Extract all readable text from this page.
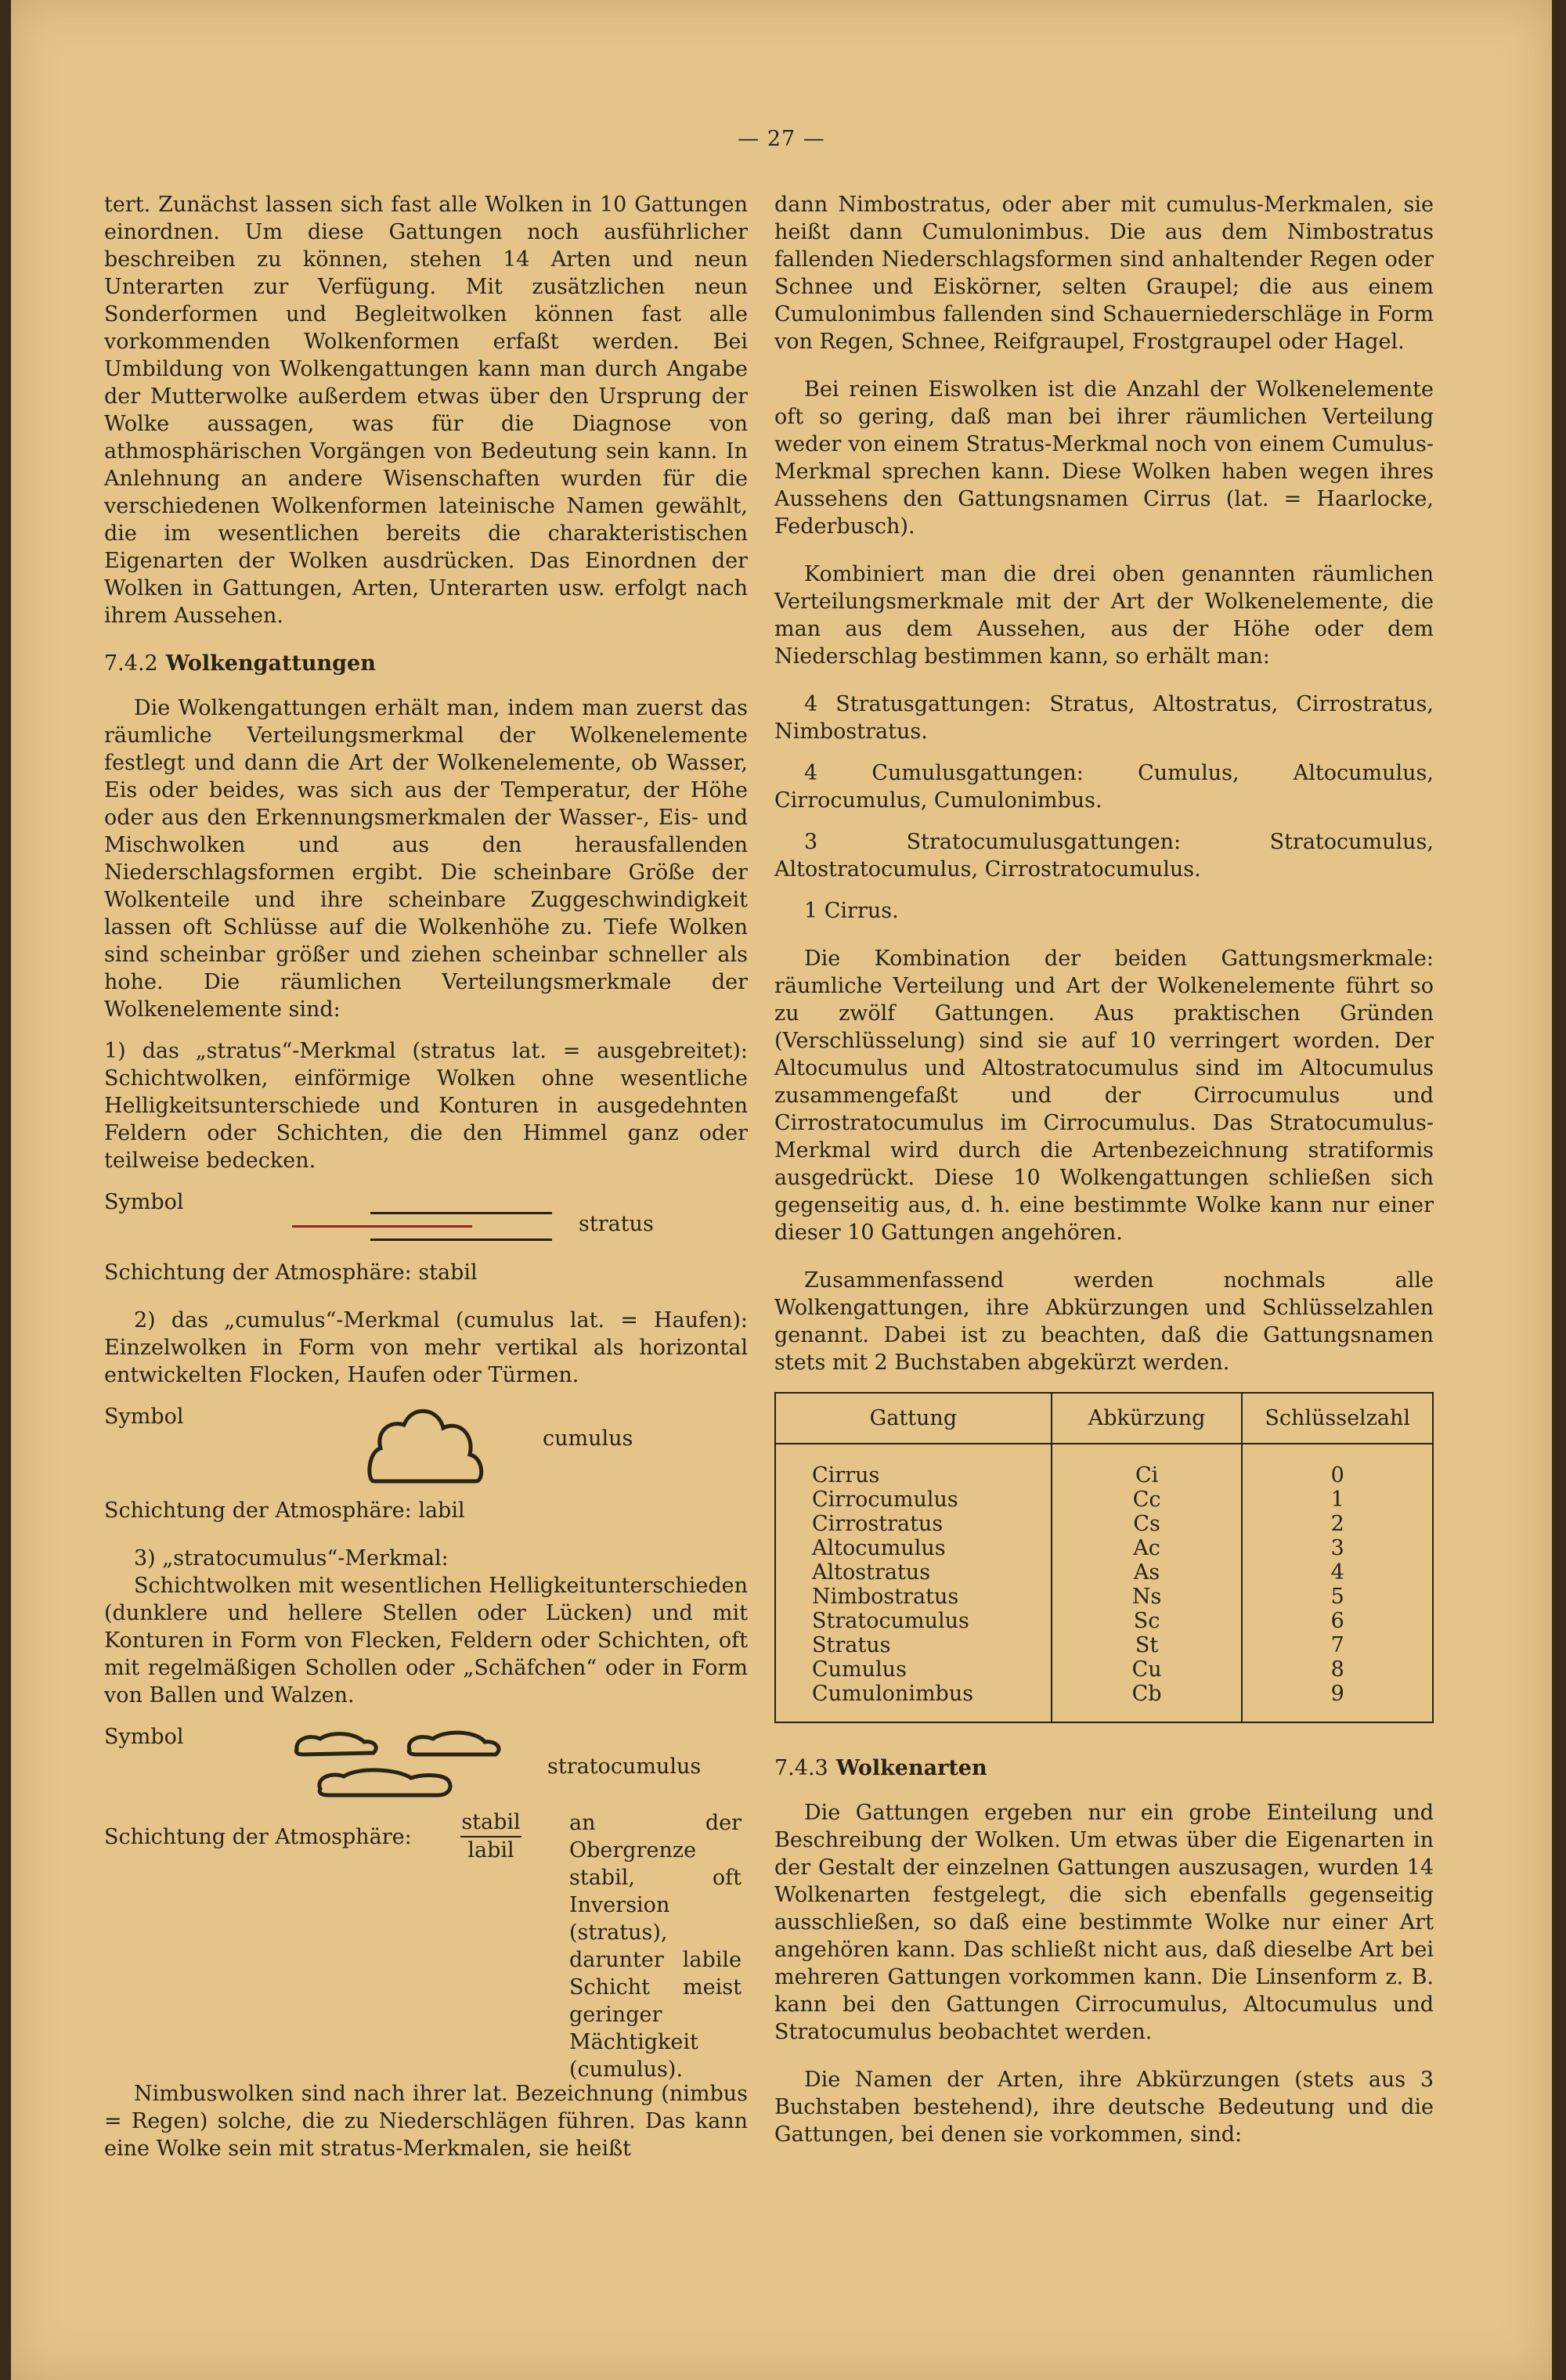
— 27 —

tert. Zunächst lassen sich fast alle Wolken in 10 Gattungen einordnen. Um diese Gattungen noch ausführlicher beschreiben zu können, stehen 14 Arten und neun Unterarten zur Verfügung. Mit zusätzlichen neun Sonderformen und Begleitwolken können fast alle vorkommenden Wolkenformen erfaßt werden. Bei Umbildung von Wolkengattungen kann man durch Angabe der Mutterwolke außerdem etwas über den Ursprung der Wolke aussagen, was für die Diagnose von athmosphärischen Vorgängen von Bedeutung sein kann. In Anlehnung an andere Wisenschaften wurden für die verschiedenen Wolkenformen lateinische Namen gewählt, die im wesentlichen bereits die charakteristischen Eigenarten der Wolken ausdrücken. Das Einordnen der Wolken in Gattungen, Arten, Unterarten usw. erfolgt nach ihrem Aussehen.

7.4.2 Wolkengattungen

Die Wolkengattungen erhält man, indem man zuerst das räumliche Verteilungsmerkmal der Wolkenelemente festlegt und dann die Art der Wolkenelemente, ob Wasser, Eis oder beides, was sich aus der Temperatur, der Höhe oder aus den Erkennungsmerkmalen der Wasser-, Eis- und Mischwolken und aus den herausfallenden Niederschlagsformen ergibt. Die scheinbare Größe der Wolkenteile und ihre scheinbare Zuggeschwindigkeit lassen oft Schlüsse auf die Wolkenhöhe zu. Tiefe Wolken sind scheinbar größer und ziehen scheinbar schneller als hohe. Die räumlichen Verteilungsmerkmale der Wolkenelemente sind:

1) das „stratus“-Merkmal (stratus lat. = ausgebreitet): Schichtwolken, einförmige Wolken ohne wesentliche Helligkeitsunterschiede und Konturen in ausgedehnten Feldern oder Schichten, die den Himmel ganz oder teilweise bedecken.

Symbol
stratus

Schichtung der Atmosphäre: stabil

2) das „cumulus“-Merkmal (cumulus lat. = Haufen): Einzelwolken in Form von mehr vertikal als horizontal entwickelten Flocken, Haufen oder Türmen.

Symbol
cumulus

Schichtung der Atmosphäre: labil

3) „stratocumulus“-Merkmal:

Schichtwolken mit wesentlichen Helligkeitunterschieden (dunklere und hellere Stellen oder Lücken) und mit Konturen in Form von Flecken, Feldern oder Schichten, oft mit regelmäßigen Schollen oder „Schäfchen“ oder in Form von Ballen und Walzen.

Symbol
stratocumulus
Schichtung der Atmosphäre:
stabil
labil
an der Obergrenze stabil, oft Inversion (stratus), darunter labile Schicht meist geringer Mächtigkeit (cumulus).

Nimbuswolken sind nach ihrer lat. Bezeichnung (nimbus = Regen) solche, die zu Niederschlägen führen. Das kann eine Wolke sein mit stratus-Merkmalen, sie heißt

dann Nimbostratus, oder aber mit cumulus-Merkmalen, sie heißt dann Cumulonimbus. Die aus dem Nimbostratus fallenden Niederschlagsformen sind anhaltender Regen oder Schnee und Eiskörner, selten Graupel; die aus einem Cumulonimbus fallenden sind Schauerniederschläge in Form von Regen, Schnee, Reifgraupel, Frostgraupel oder Hagel.

Bei reinen Eiswolken ist die Anzahl der Wolkenelemente oft so gering, daß man bei ihrer räumlichen Verteilung weder von einem Stratus-Merkmal noch von einem Cumulus-Merkmal sprechen kann. Diese Wolken haben wegen ihres Aussehens den Gattungsnamen Cirrus (lat. = Haarlocke, Federbusch).

Kombiniert man die drei oben genannten räumlichen Verteilungsmerkmale mit der Art der Wolkenelemente, die man aus dem Aussehen, aus der Höhe oder dem Niederschlag bestimmen kann, so erhält man:

4 Stratusgattungen: Stratus, Altostratus, Cirrostratus, Nimbostratus.

4 Cumulusgattungen: Cumulus, Altocumulus, Cirrocumulus, Cumulonimbus.

3 Stratocumulusgattungen: Stratocumulus, Altostratocumulus, Cirrostratocumulus.

1 Cirrus.

Die Kombination der beiden Gattungsmerkmale: räumliche Verteilung und Art der Wolkenelemente führt so zu zwölf Gattungen. Aus praktischen Gründen (Verschlüsselung) sind sie auf 10 verringert worden. Der Altocumulus und Altostratocumulus sind im Altocumulus zusammengefaßt und der Cirrocumulus und Cirrostratocumulus im Cirrocumulus. Das Stratocumulus-Merkmal wird durch die Artenbezeichnung stratiformis ausgedrückt. Diese 10 Wolkengattungen schließen sich gegenseitig aus, d. h. eine bestimmte Wolke kann nur einer dieser 10 Gattungen angehören.

Zusammenfassend werden nochmals alle Wolkengattungen, ihre Abkürzungen und Schlüsselzahlen genannt. Dabei ist zu beachten, daß die Gattungsnamen stets mit 2 Buchstaben abgekürzt werden.

Gattung	Abkürzung	Schlüsselzahl
Cirrus	Ci	0
Cirrocumulus	Cc	1
Cirrostratus	Cs	2
Altocumulus	Ac	3
Altostratus	As	4
Nimbostratus	Ns	5
Stratocumulus	Sc	6
Stratus	St	7
Cumulus	Cu	8
Cumulonimbus	Cb	9
7.4.3 Wolkenarten

Die Gattungen ergeben nur ein grobe Einteilung und Beschreibung der Wolken. Um etwas über die Eigenarten in der Gestalt der einzelnen Gattungen auszusagen, wurden 14 Wolkenarten festgelegt, die sich ebenfalls gegenseitig ausschließen, so daß eine bestimmte Wolke nur einer Art angehören kann. Das schließt nicht aus, daß dieselbe Art bei mehreren Gattungen vorkommen kann. Die Linsenform z. B. kann bei den Gattungen Cirrocumulus, Altocumulus und Stratocumulus beobachtet werden.

Die Namen der Arten, ihre Abkürzungen (stets aus 3 Buchstaben bestehend), ihre deutsche Bedeutung und die Gattungen, bei denen sie vorkommen, sind:
